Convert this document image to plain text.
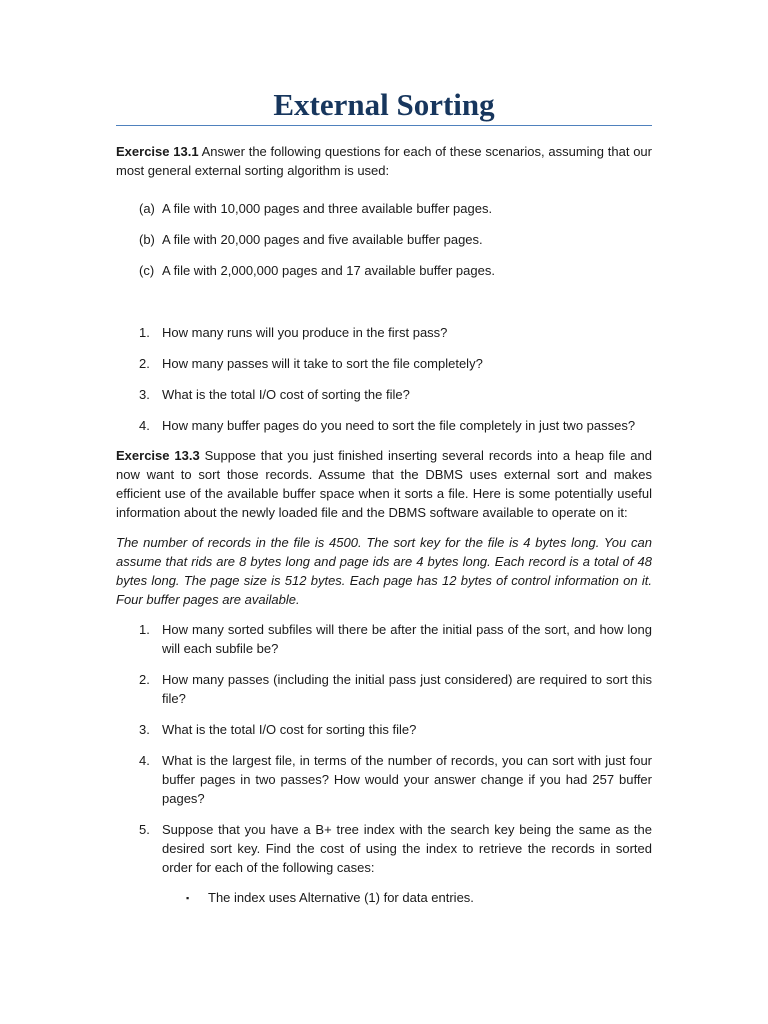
External Sorting

Exercise 13.1 Answer the following questions for each of these scenarios, assuming that our most general external sorting algorithm is used:

(a) A file with 10,000 pages and three available buffer pages.
(b) A file with 20,000 pages and five available buffer pages.
(c) A file with 2,000,000 pages and 17 available buffer pages.
1. How many runs will you produce in the first pass?
2. How many passes will it take to sort the file completely?
3. What is the total I/O cost of sorting the file?
4. How many buffer pages do you need to sort the file completely in just two passes?

Exercise 13.3 Suppose that you just finished inserting several records into a heap file and now want to sort those records. Assume that the DBMS uses external sort and makes efficient use of the available buffer space when it sorts a file. Here is some potentially useful information about the newly loaded file and the DBMS software available to operate on it:

The number of records in the file is 4500. The sort key for the file is 4 bytes long. You can assume that rids are 8 bytes long and page ids are 4 bytes long. Each record is a total of 48 bytes long. The page size is 512 bytes. Each page has 12 bytes of control information on it. Four buffer pages are available.

1. How many sorted subfiles will there be after the initial pass of the sort, and how long will each subfile be?
2. How many passes (including the initial pass just considered) are required to sort this file?
3. What is the total I/O cost for sorting this file?
4. What is the largest file, in terms of the number of records, you can sort with just four buffer pages in two passes? How would your answer change if you had 257 buffer pages?
5. Suppose that you have a B+ tree index with the search key being the same as the desired sort key. Find the cost of using the index to retrieve the records in sorted order for each of the following cases:
▪ The index uses Alternative (1) for data entries.
